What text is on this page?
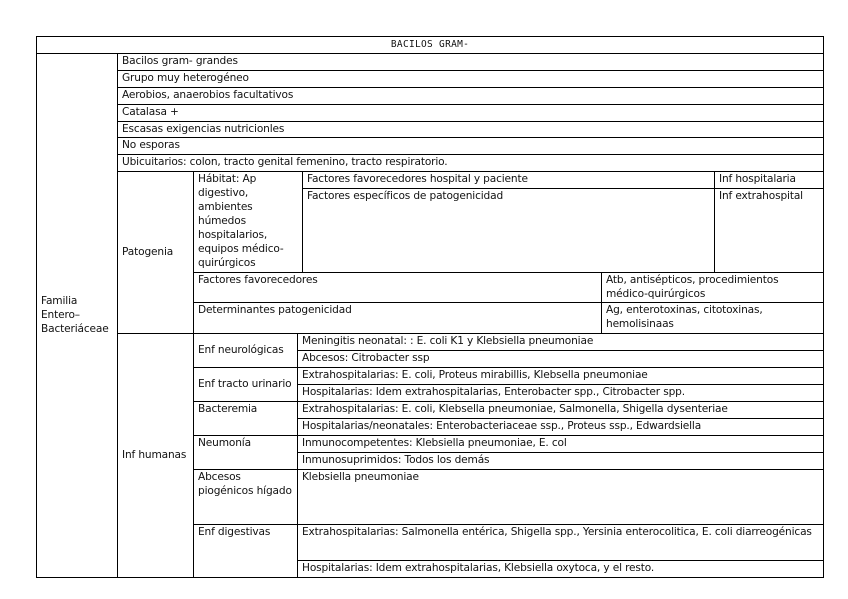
BACILOS GRAM-						
Familia Entero–Bacteriáceae	Bacilos gram- grandes					
	Grupo muy heterogéneo					
	Aerobios, anaerobios facultativos					
	Catalasa +					
	Escasas exigencias nutricionles					
	No esporas					
	Ubicuitarios: colon, tracto genital femenino, tracto respiratorio.					
	Patogenia	Hábitat: Ap digestivo, ambientes húmedos hospitalarios, equipos médico-quirúrgicos		Factores favorecedores hospital y paciente		Inf hospitalaria
				Factores específicos de patogenicidad		Inf extrahospital

		Factores favorecedores			Atb, antisépticos, procedimientos médico-quirúrgicos	
		Determinantes patogenicidad			Ag, enterotoxinas, citotoxinas, hemolisinaas	
	Inf humanas	Enf neurológicas	Meningitis neonatal: : E. coli K1 y Klebsiella pneumoniae			
			Abcesos: Citrobacter ssp			
		Enf tracto urinario	Extrahospitalarias: E. coli, Proteus mirabillis, Klebsella pneumoniae			
			Hospitalarias: Idem extrahospitalarias, Enterobacter spp., Citrobacter spp.			
		Bacteremia	Extrahospitalarias: E. coli, Klebsella pneumoniae, Salmonella, Shigella dysenteriae			
			Hospitalarias/neonatales: Enterobacteriaceae ssp., Proteus ssp., Edwardsiella			
		Neumonía	Inmunocompetentes: Klebsiella pneumoniae, E. col			
			Inmunosuprimidos: Todos los demás			
		Abcesos piogénicos hígado	Klebsiella pneumoniae			
		Enf digestivas	Extrahospitalarias: Salmonella entérica, Shigella spp., Yersinia enterocolitica, E. coli diarreogénicas			
			Hospitalarias: Idem extrahospitalarias, Klebsiella oxytoca, y el resto.			
